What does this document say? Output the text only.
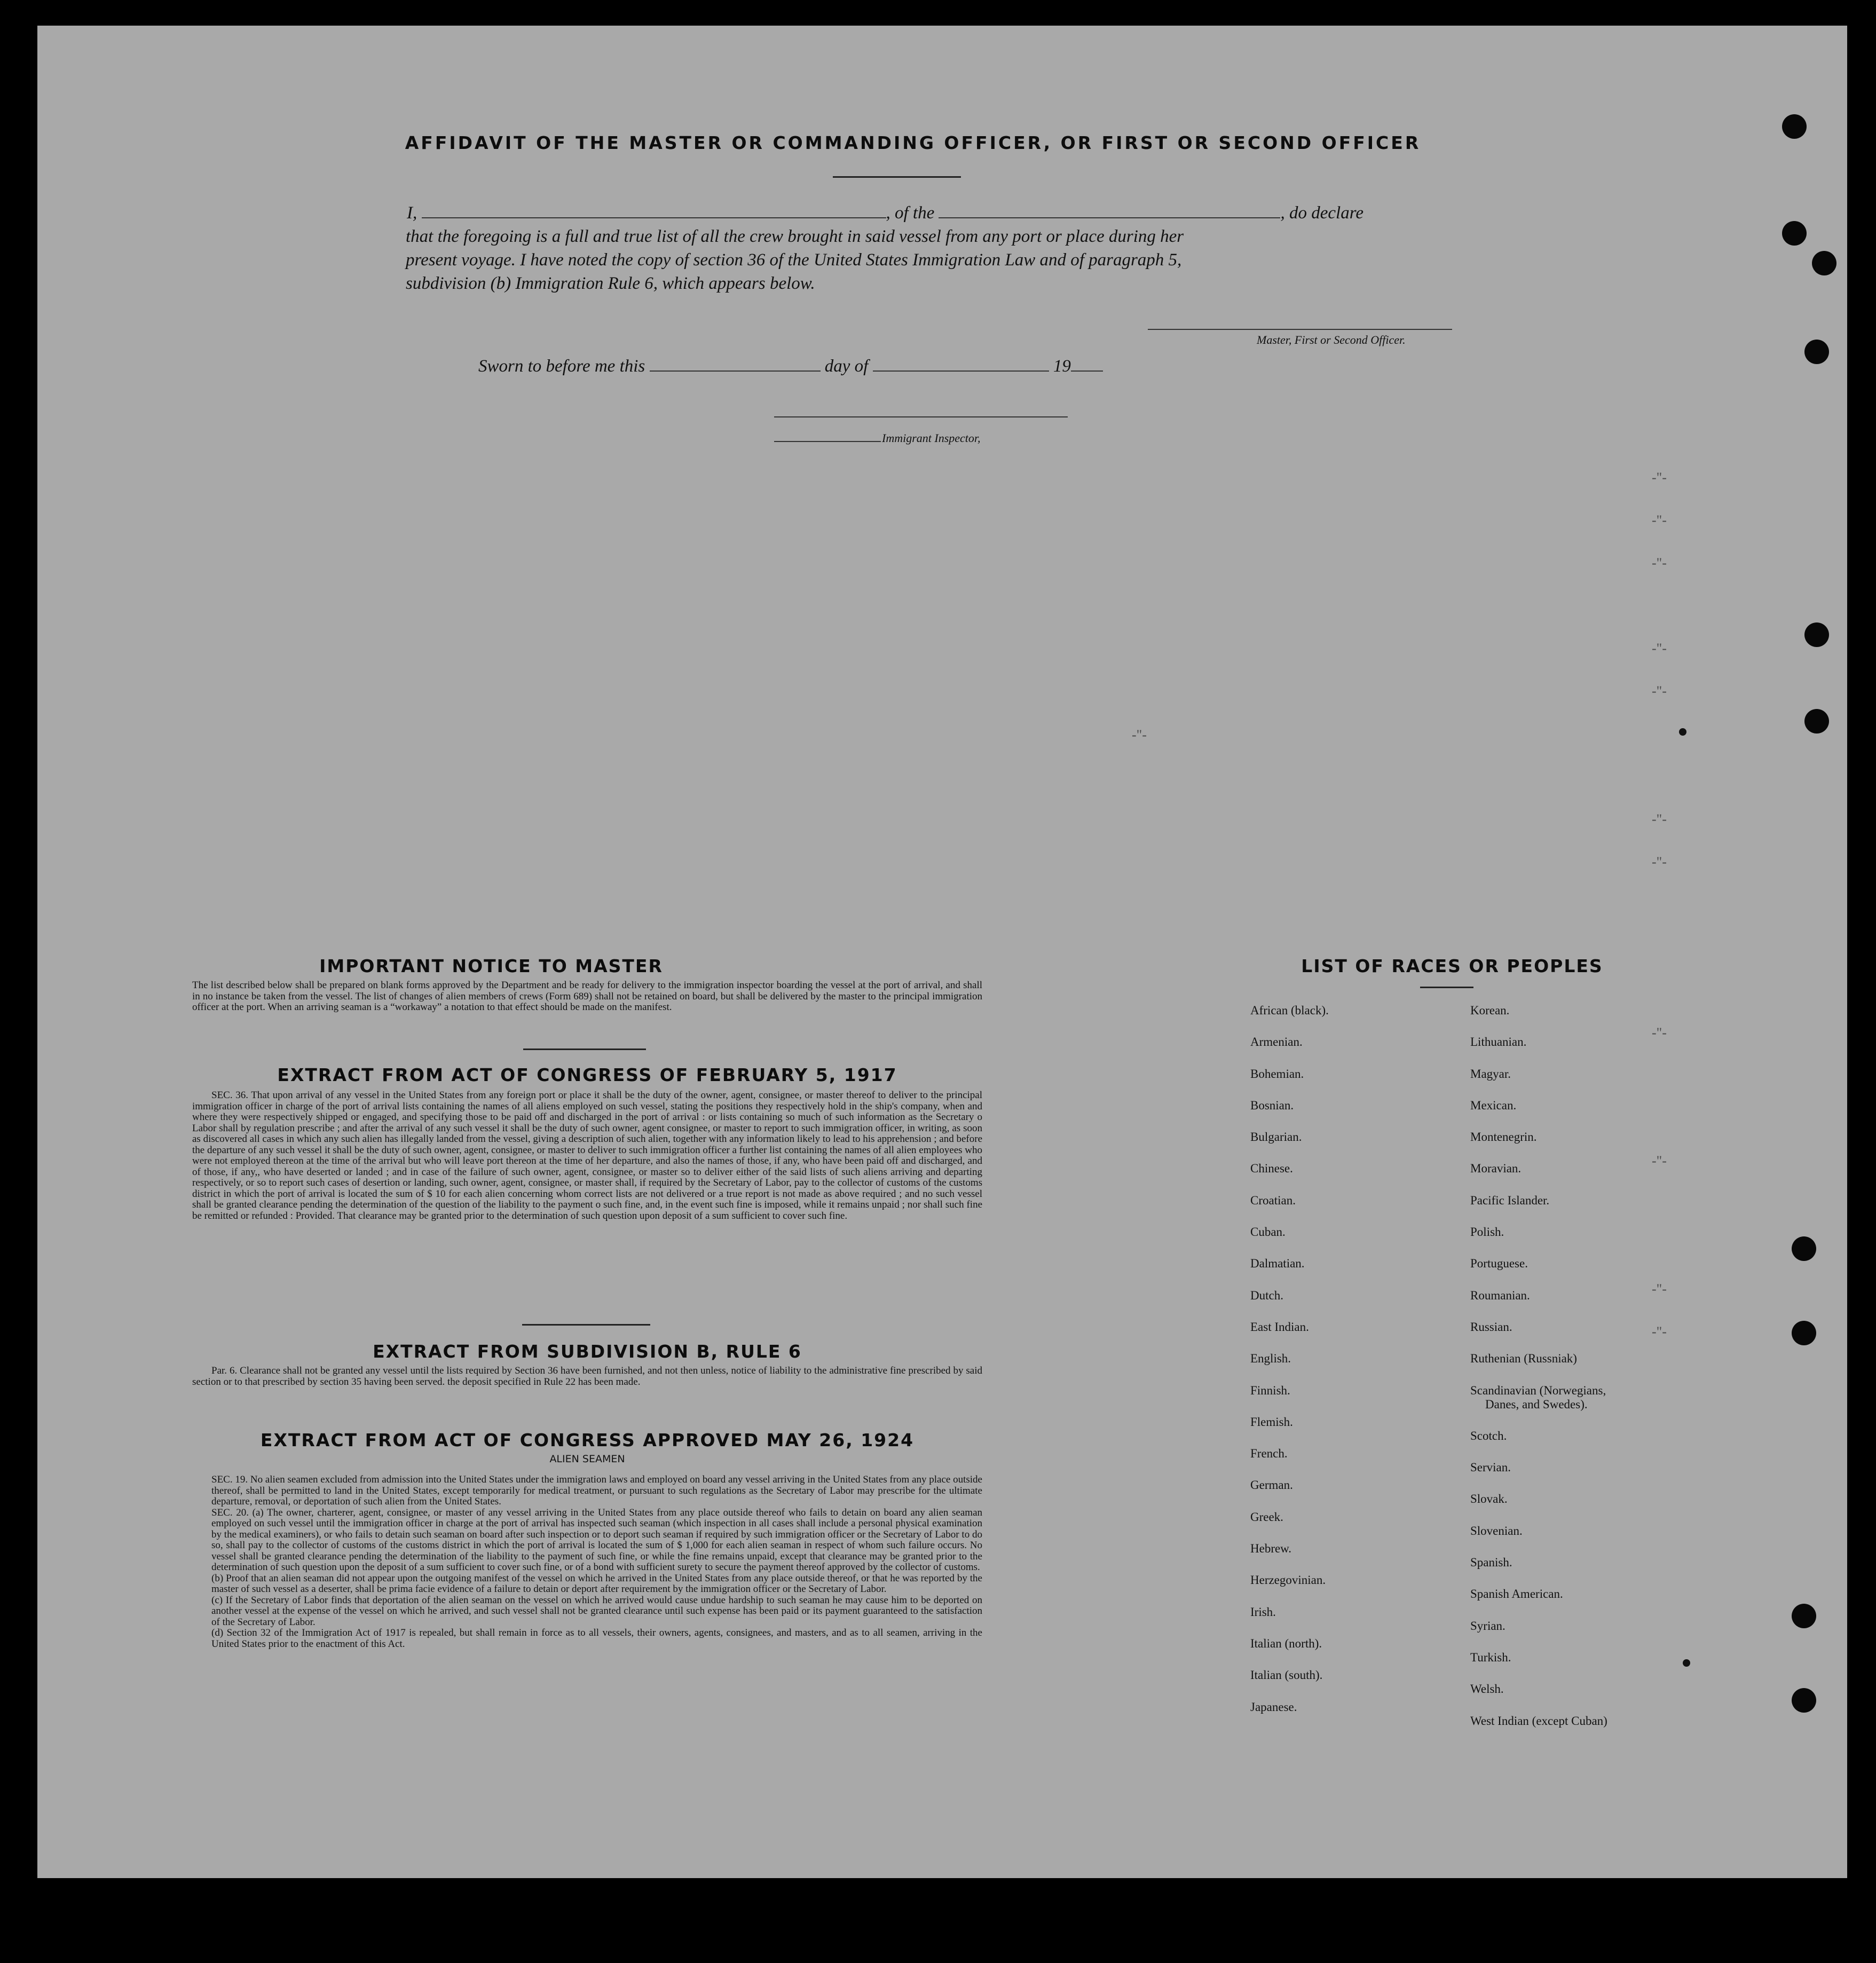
AFFIDAVIT OF THE MASTER OR COMMANDING OFFICER, OR FIRST OR SECOND OFFICER
I,	, of the	, do declare
that the foregoing is a full and true list of all the crew brought in said vessel from any port or place during her
present voyage. I have noted the copy of section 36 of the United States Immigration Law and of paragraph 5,
subdivision (b) Immigration Rule 6, which appears below.
Master, First or Second Officer.
Sworn to before me this	day of	19
Immigrant Inspector,
-"-
-"-
-"-
-"-
-"-
-"-
-"-
-"-
-"-
-"-
-"-
-"-
IMPORTANT NOTICE TO MASTER
The list described below shall be prepared on blank forms approved by the Department and be ready for delivery to the immigration inspector boarding the vessel at the port of arrival, and shall in no instance be taken from the vessel. The list of changes of alien members of crews (Form 689) shall not be retained on board, but shall be delivered by the master to the principal immigration officer at the port. When an arriving seaman is a “workaway” a notation to that effect should be made on the manifest.
EXTRACT FROM ACT OF CONGRESS OF FEBRUARY 5, 1917
SEC. 36. That upon arrival of any vessel in the United States from any foreign port or place it shall be the duty of the owner, agent, consignee, or master thereof to deliver to the principal immigration officer in charge of the port of arrival lists containing the names of all aliens employed on such vessel, stating the positions they respectively hold in the ship's company, when and where they were respectively shipped or engaged, and specifying those to be paid off and discharged in the port of arrival : or lists containing so much of such information as the Secretary o Labor shall by regulation prescribe ; and after the arrival of any such vessel it shall be the duty of such owner, agent consignee, or master to report to such immigration officer, in writing, as soon as discovered all cases in which any such alien has illegally landed from the vessel, giving a description of such alien, together with any information likely to lead to his apprehension ; and before the departure of any such vessel it shall be the duty of such owner, agent, consignee, or master to deliver to such immigration officer a further list containing the names of all alien employees who were not employed thereon at the time of the arrival but who will leave port thereon at the time of her departure, and also the names of those, if any, who have been paid off and discharged, and of those, if any,, who have deserted or landed ; and in case of the failure of such owner, agent, consignee, or master so to deliver either of the said lists of such aliens arriving and departing respectively, or so to report such cases of desertion or landing, such owner, agent, consignee, or master shall, if required by the Secretary of Labor, pay to the collector of customs of the customs district in which the port of arrival is located the sum of $ 10 for each alien concerning whom correct lists are not delivered or a true report is not made as above required ; and no such vessel shall be granted clearance pending the determination of the question of the liability to the payment o such fine, and, in the event such fine is imposed, while it remains unpaid ; nor shall such fine be remitted or refunded : Provided. That clearance may be granted prior to the determination of such question upon deposit of a sum sufficient to cover such fine.
EXTRACT FROM SUBDIVISION B, RULE 6
Par. 6. Clearance shall not be granted any vessel until the lists required by Section 36 have been furnished, and not then unless, notice of liability to the administrative fine prescribed by said section or to that prescribed by section 35 having been served. the deposit specified in Rule 22 has been made.
EXTRACT FROM ACT OF CONGRESS APPROVED MAY 26, 1924
ALIEN SEAMEN
SEC. 19. No alien seamen excluded from admission into the United States under the immigration laws and employed on board any vessel arriving in the United States from any place outside thereof, shall be permitted to land in the United States, except temporarily for medical treatment, or pursuant to such regulations as the Secretary of Labor may prescribe for the ultimate departure, removal, or deportation of such alien from the United States.
SEC. 20. (a) The owner, charterer, agent, consignee, or master of any vessel arriving in the United States from any place outside thereof who fails to detain on board any alien seaman employed on such vessel until the immigration officer in charge at the port of arrival has inspected such seaman (which inspection in all cases shall include a personal physical examination by the medical examiners), or who fails to detain such seaman on board after such inspection or to deport such seaman if required by such immigration officer or the Secretary of Labor to do so, shall pay to the collector of customs of the customs district in which the port of arrival is located the sum of $ 1,000 for each alien seaman in respect of whom such failure occurs. No vessel shall be granted clearance pending the determination of the liability to the payment of such fine, or while the fine remains unpaid, except that clearance may be granted prior to the determination of such question upon the deposit of a sum sufficient to cover such fine, or of a bond with sufficient surety to secure the payment thereof approved by the collector of customs.
(b) Proof that an alien seaman did not appear upon the outgoing manifest of the vessel on which he arrived in the United States from any place outside thereof, or that he was reported by the master of such vessel as a deserter, shall be prima facie evidence of a failure to detain or deport after requirement by the immigration officer or the Secretary of Labor.
(c) If the Secretary of Labor finds that deportation of the alien seaman on the vessel on which he arrived would cause undue hardship to such seaman he may cause him to be deported on another vessel at the expense of the vessel on which he arrived, and such vessel shall not be granted clearance until such expense has been paid or its payment guaranteed to the satisfaction of the Secretary of Labor.
(d) Section 32 of the Immigration Act of 1917 is repealed, but shall remain in force as to all vessels, their owners, agents, consignees, and masters, and as to all seamen, arriving in the United States prior to the enactment of this Act.
LIST OF RACES OR PEOPLES
African (black).
Armenian.
Bohemian.
Bosnian.
Bulgarian.
Chinese.
Croatian.
Cuban.
Dalmatian.
Dutch.
East Indian.
English.
Finnish.
Flemish.
French.
German.
Greek.
Hebrew.
Herzegovinian.
Irish.
Italian (north).
Italian (south).
Japanese.
Korean.
Lithuanian.
Magyar.
Mexican.
Montenegrin.
Moravian.
Pacific Islander.
Polish.
Portuguese.
Roumanian.
Russian.
Ruthenian (Russniak)
Scandinavian (Norwegians,
Danes, and Swedes).
Scotch.
Servian.
Slovak.
Slovenian.
Spanish.
Spanish American.
Syrian.
Turkish.
Welsh.
West Indian (except Cuban)
